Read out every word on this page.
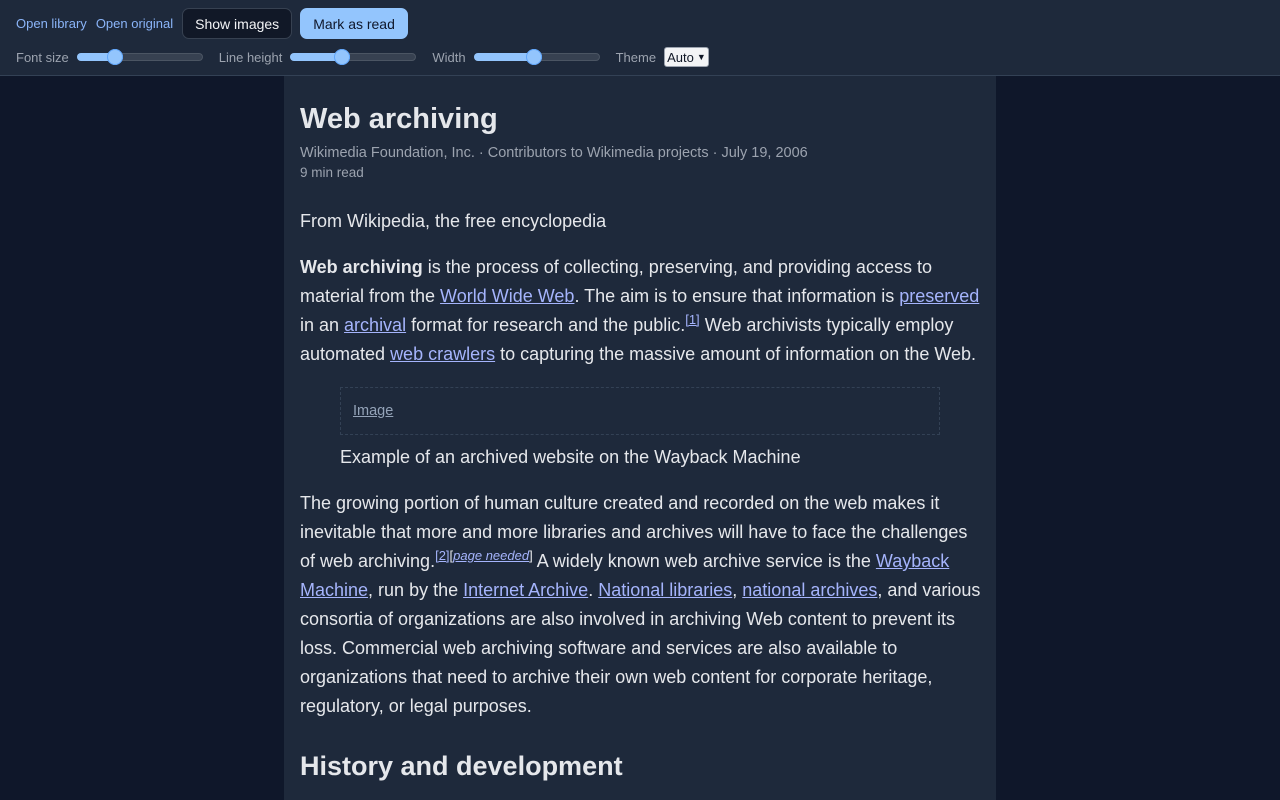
Open library Open original	Show images	Mark as read
Font size	Line height	Width	Theme Auto ▼
Web archiving
Wikimedia Foundation, Inc. · Contributors to Wikimedia projects · July 19, 2006
9 min read

From Wikipedia, the free encyclopedia

Web archiving is the process of collecting, preserving, and providing access to material from the World Wide Web. The aim is to ensure that information is preserved in an archival format for research and the public.[1] Web archivists typically employ automated web crawlers to capturing the massive amount of information on the Web.

Image
Example of an archived website on the Wayback Machine

The growing portion of human culture created and recorded on the web makes it inevitable that more and more libraries and archives will have to face the challenges of web archiving.[2][page needed] A widely known web archive service is the Wayback Machine, run by the Internet Archive. National libraries, national archives, and various consortia of organizations are also involved in archiving Web content to prevent its loss. Commercial web archiving software and services are also available to organizations that need to archive their own web content for corporate heritage, regulatory, or legal purposes.

History and development
